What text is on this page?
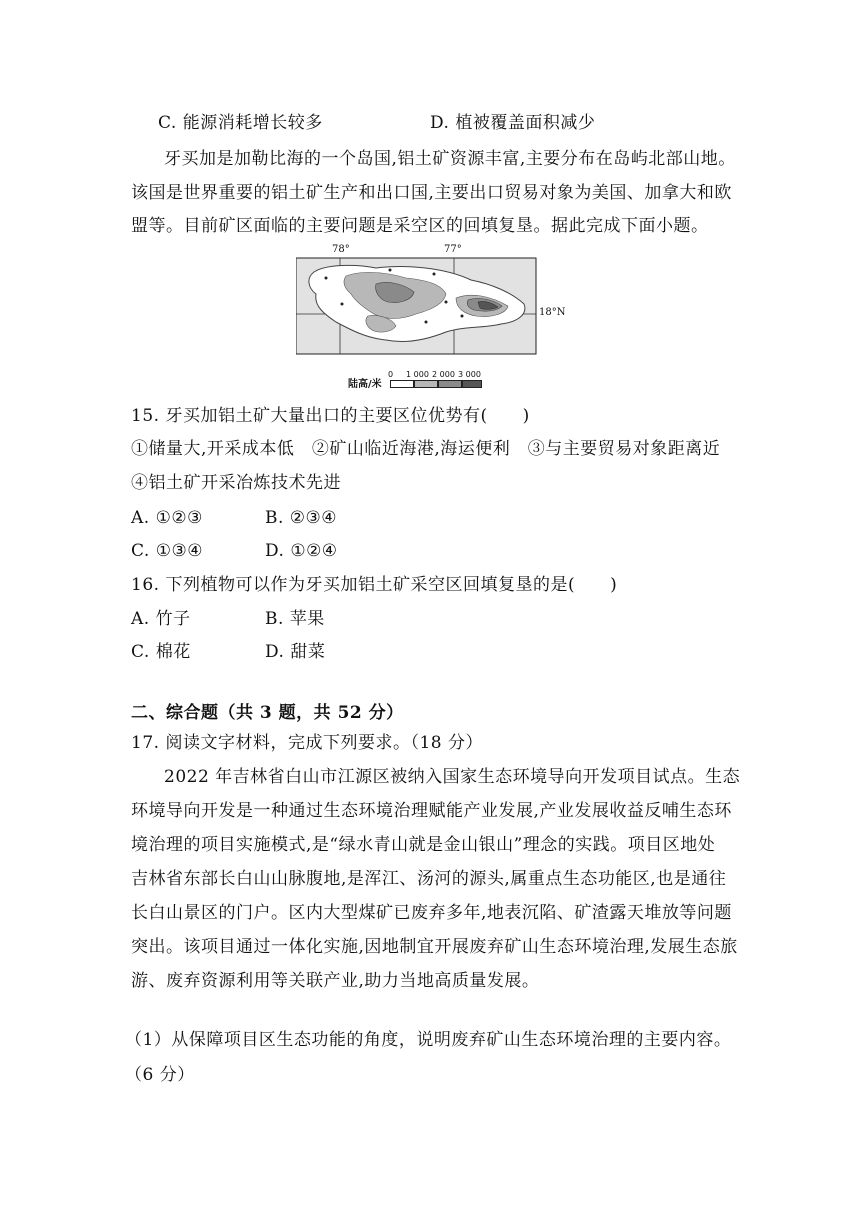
C. 能源消耗增长较多	D. 植被覆盖面积减少
牙买加是加勒比海的一个岛国,铝土矿资源丰富,主要分布在岛屿北部山地。
该国是世界重要的铝土矿生产和出口国,主要出口贸易对象为美国、加拿大和欧
盟等。目前矿区面临的主要问题是采空区的回填复垦。据此完成下面小题。
78°	77°
18°N
陆高/米
0 1 000 2 000 3 000
15. 牙买加铝土矿大量出口的主要区位优势有(　　)
①储量大,开采成本低　②矿山临近海港,海运便利　③与主要贸易对象距离近
④铝土矿开采冶炼技术先进
A. ①②③	B. ②③④
C. ①③④	D. ①②④
16. 下列植物可以作为牙买加铝土矿采空区回填复垦的是(　　)
A. 竹子	B. 苹果
C. 棉花	D. 甜菜
二、综合题（共 3 题，共 52 分）
17. 阅读文字材料，完成下列要求。（18 分）
2022 年吉林省白山市江源区被纳入国家生态环境导向开发项目试点。生态
环境导向开发是一种通过生态环境治理赋能产业发展,产业发展收益反哺生态环
境治理的项目实施模式,是“绿水青山就是金山银山”理念的实践。项目区地处
吉林省东部长白山山脉腹地,是浑江、汤河的源头,属重点生态功能区,也是通往
长白山景区的门户。区内大型煤矿已废弃多年,地表沉陷、矿渣露天堆放等问题
突出。该项目通过一体化实施,因地制宜开展废弃矿山生态环境治理,发展生态旅
游、废弃资源利用等关联产业,助力当地高质量发展。
（1）从保障项目区生态功能的角度，说明废弃矿山生态环境治理的主要内容。
（6 分）
